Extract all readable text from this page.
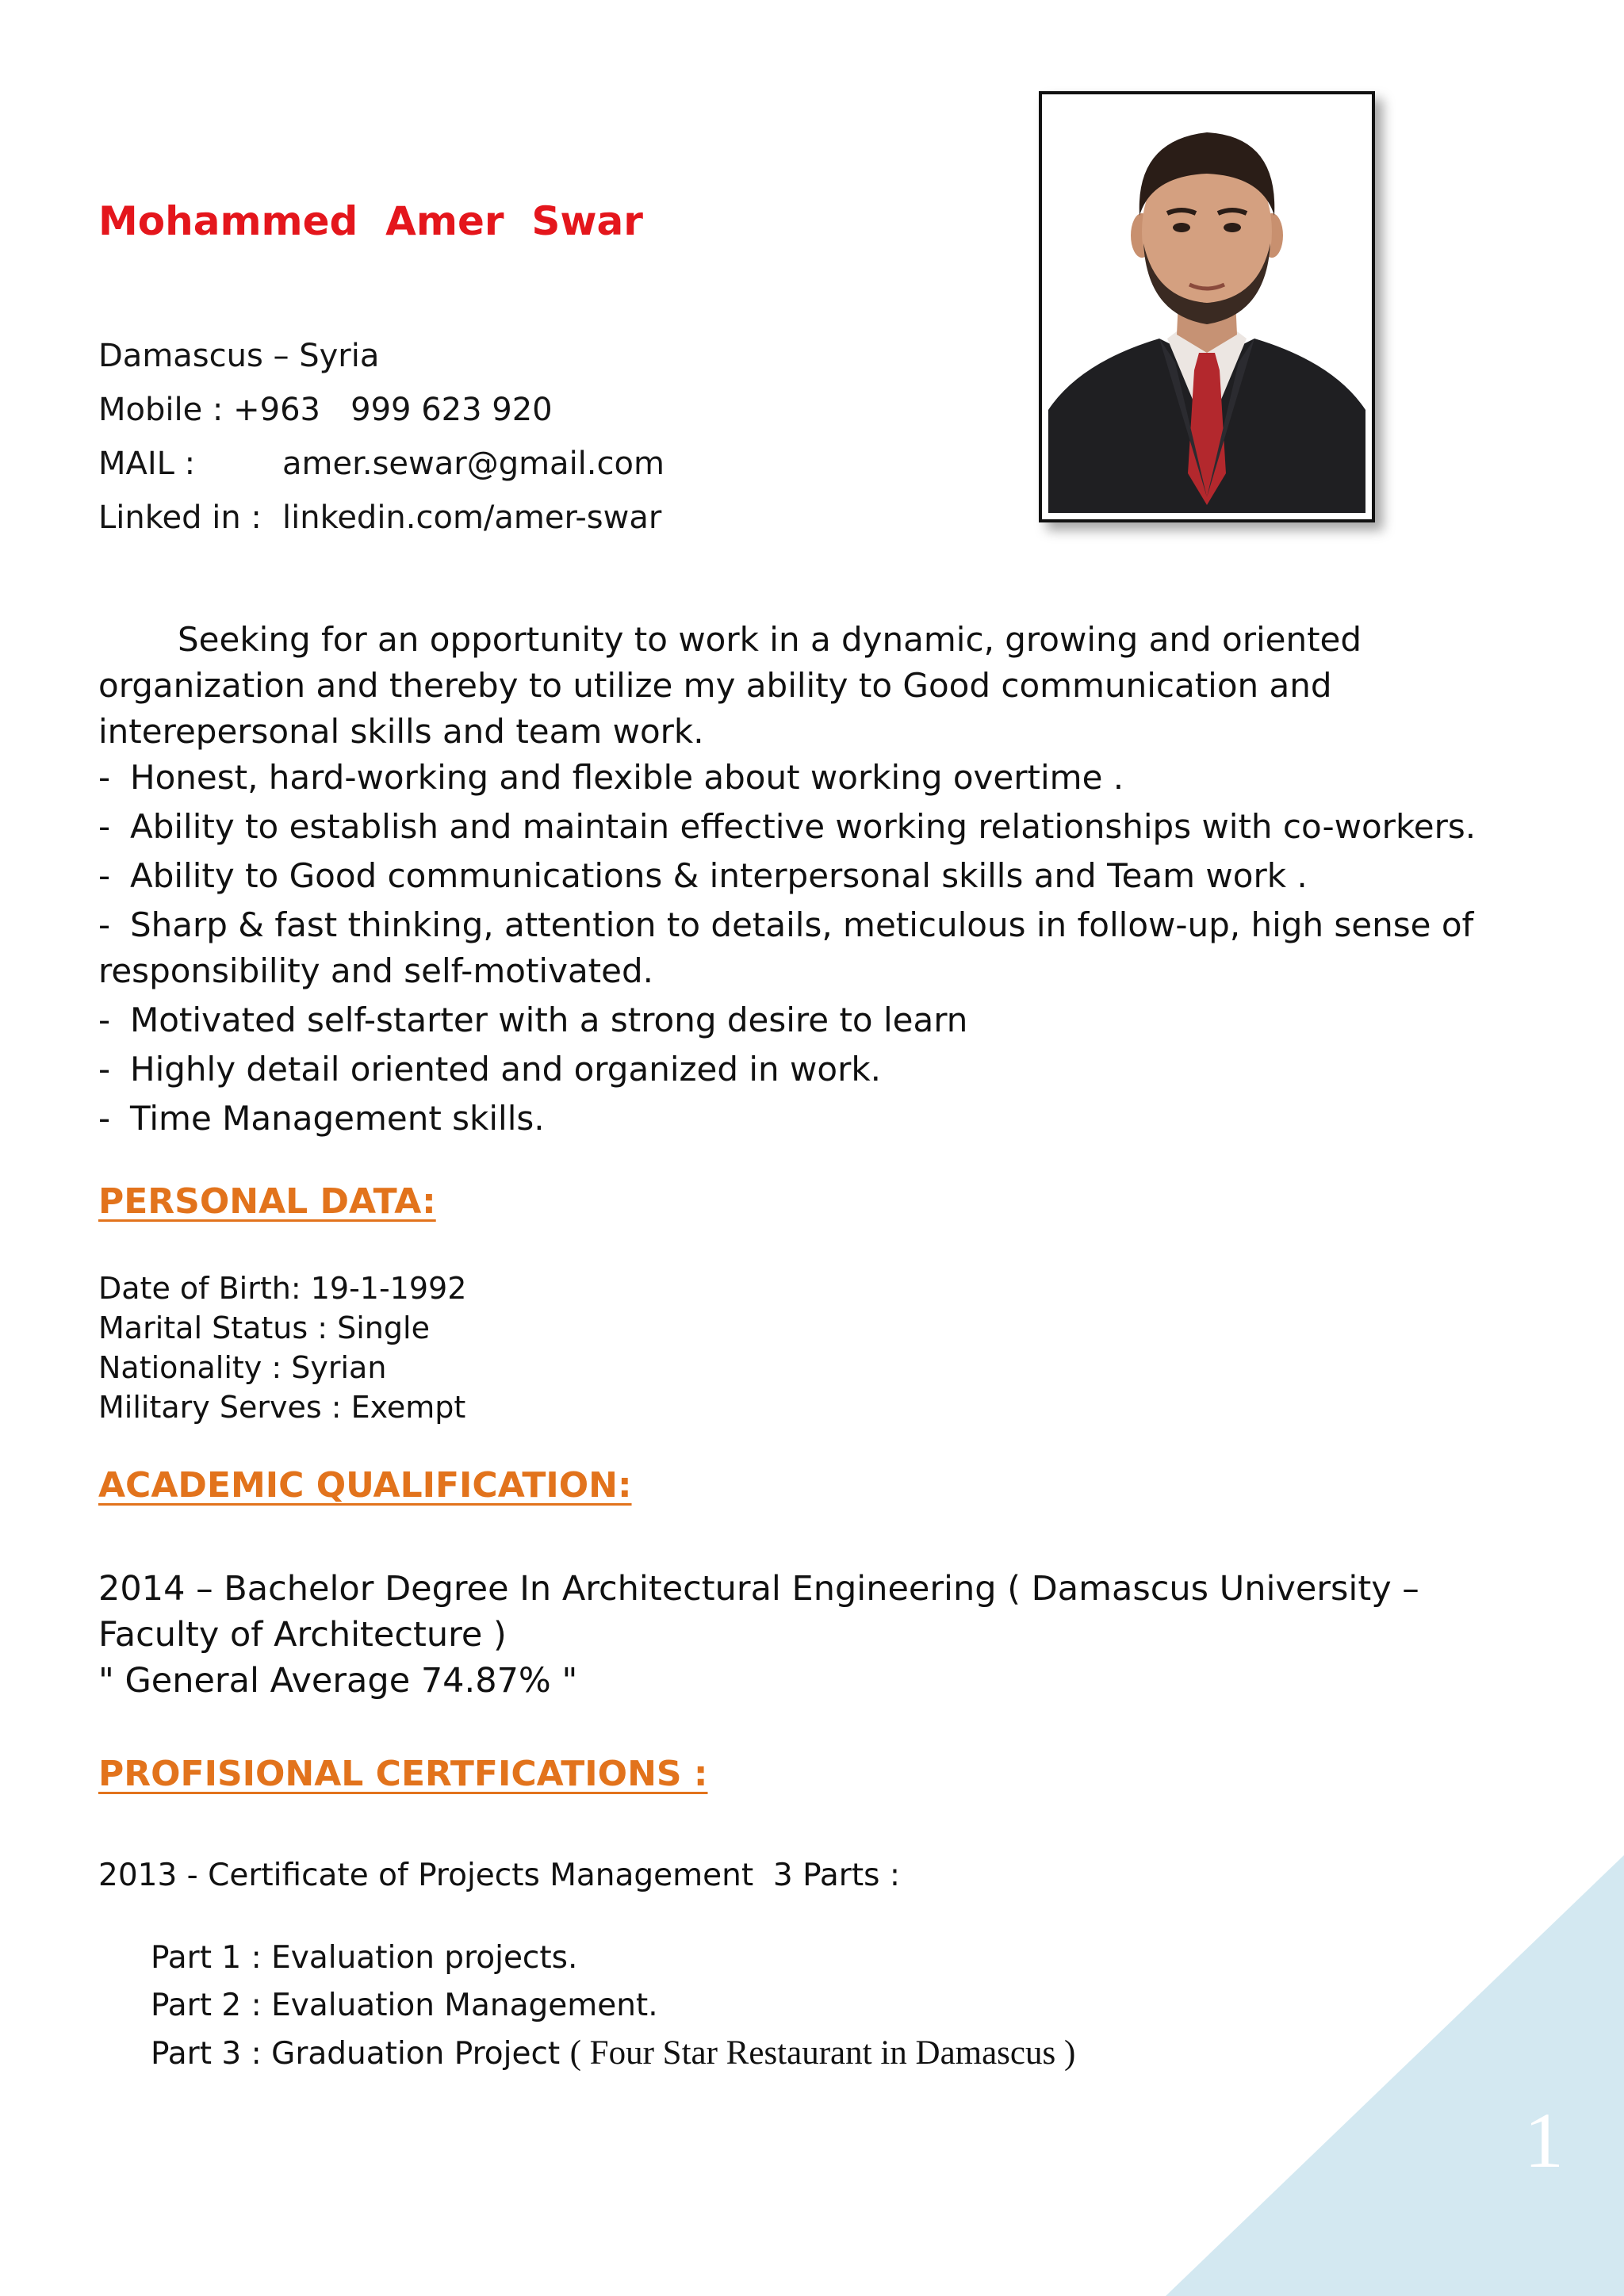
1
Mohammed  Amer  Swar
Damascus – Syria
Mobile : +963   999 623 920
MAIL :	amer.sewar@gmail.com
Linked in : linkedin.com/amer-swar

Seeking for an opportunity to work in a dynamic, growing and oriented organization and thereby to utilize my ability to Good communication and interepersonal skills and team work.

- Honest, hard-working and flexible about working overtime .
- Ability to establish and maintain effective working relationships with co-workers.
- Ability to Good communications & interpersonal skills and Team work .
- Sharp & fast thinking, attention to details, meticulous in follow-up, high sense of responsibility and self-motivated.
- Motivated self-starter with a strong desire to learn
- Highly detail oriented and organized in work.
- Time Management skills.
PERSONAL DATA:
Date of Birth: 19-1-1992
Marital Status : Single
Nationality : Syrian
Military Serves : Exempt
ACADEMIC QUALIFICATION:
2014 – Bachelor Degree In Architectural Engineering ( Damascus University – Faculty of Architecture )
" General Average 74.87% "
PROFISIONAL CERTFICATIONS :
2013 - Certificate of Projects Management  3 Parts :
Part 1 : Evaluation projects.
Part 2 : Evaluation Management.
Part 3 : Graduation Project ( Four Star Restaurant in Damascus )
